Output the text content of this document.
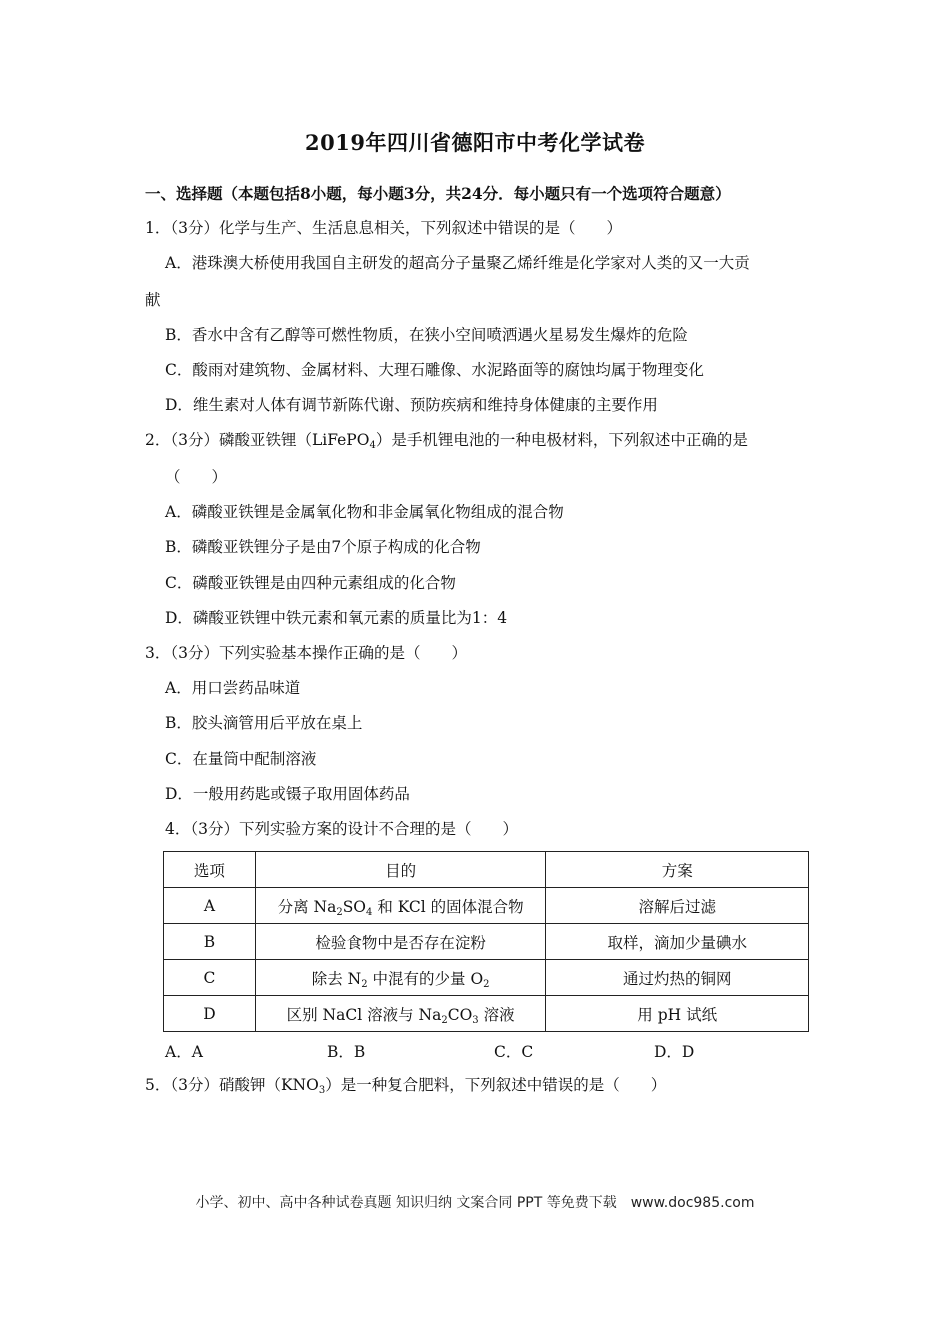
2019年四川省德阳市中考化学试卷
一、选择题（本题包括8小题，每小题3分，共24分．每小题只有一个选项符合题意）
1．（3分）化学与生产、生活息息相关，下列叙述中错误的是（　　）
A．港珠澳大桥使用我国自主研发的超高分子量聚乙烯纤维是化学家对人类的又一大贡
献
B．香水中含有乙醇等可燃性物质，在狭小空间喷洒遇火星易发生爆炸的危险
C．酸雨对建筑物、金属材料、大理石雕像、水泥路面等的腐蚀均属于物理变化
D．维生素对人体有调节新陈代谢、预防疾病和维持身体健康的主要作用
2．（3分）磷酸亚铁锂（LiFePO$_4$）是手机锂电池的一种电极材料，下列叙述中正确的是
（　　）
A．磷酸亚铁锂是金属氧化物和非金属氧化物组成的混合物
B．磷酸亚铁锂分子是由7个原子构成的化合物
C．磷酸亚铁锂是由四种元素组成的化合物
D．磷酸亚铁锂中铁元素和氧元素的质量比为1：4
3．（3分）下列实验基本操作正确的是（　　）
A．用口尝药品味道
B．胶头滴管用后平放在桌上
C．在量筒中配制溶液
D．一般用药匙或镊子取用固体药品
4．（3分）下列实验方案的设计不合理的是（　　）
选项	目的	方案
A	分离 $Na_2SO_4$ 和 KCl 的固体混合物	溶解后过滤
B	检验食物中是否存在淀粉	取样，滴加少量碘水
C	除去 $N_2$ 中混有的少量 $O_2$	通过灼热的铜网
D	区别 NaCl 溶液与 $Na_2CO_3$ 溶液	用 pH 试纸
A．A	B．B	C．C	D．D
5．（3分）硝酸钾$(KNO_3)$是一种复合肥料，下列叙述中错误的是（　　）
小学、初中、高中各种试卷真题 知识归纳 文案合同 PPT 等免费下载　www.doc985.com
